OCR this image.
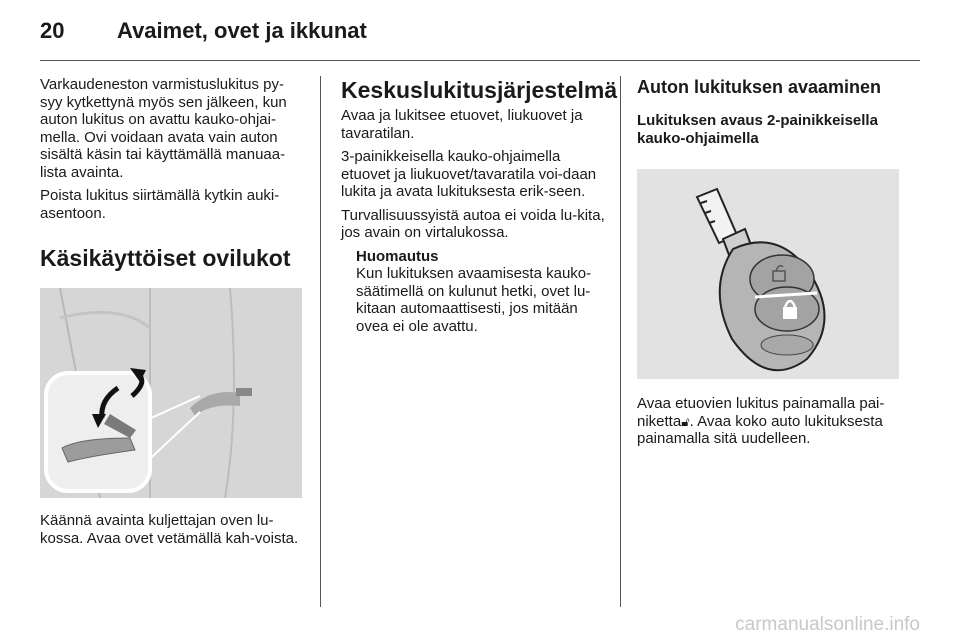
20 Avaimet, ovet ja ikkunat

Varkaudeneston varmistuslukitus py-syy kytkettynä myös sen jälkeen, kun auton lukitus on avattu kauko-ohjai-mella. Ovi voidaan avata vain auton sisältä käsin tai käyttämällä manuaa-lista avainta.

Poista lukitus siirtämällä kytkin auki-asentoon.

Käsikäyttöiset ovilukot

Käännä avainta kuljettajan oven lu-kossa. Avaa ovet vetämällä kah-voista.

Keskuslukitusjärjestelmä

Avaa ja lukitsee etuovet, liukuovet ja tavaratilan.

3-painikkeisella kauko-ohjaimella etuovet ja liukuovet/tavaratila voi-daan lukita ja avata lukituksesta erik-seen.

Turvallisuussyistä autoa ei voida lu-kita, jos avain on virtalukossa.

Huomautus

Kun lukituksen avaamisesta kauko-säätimellä on kulunut hetki, ovet lu-kitaan automaattisesti, jos mitään ovea ei ole avattu.

Auton lukituksen avaaminen
Lukituksen avaus 2-painikkeisella kauko-ohjaimella

Avaa etuovien lukitus painamalla pai-niketta🔓︎. Avaa koko auto lukituksesta painamalla sitä uudelleen.

carmanualsonline.info
